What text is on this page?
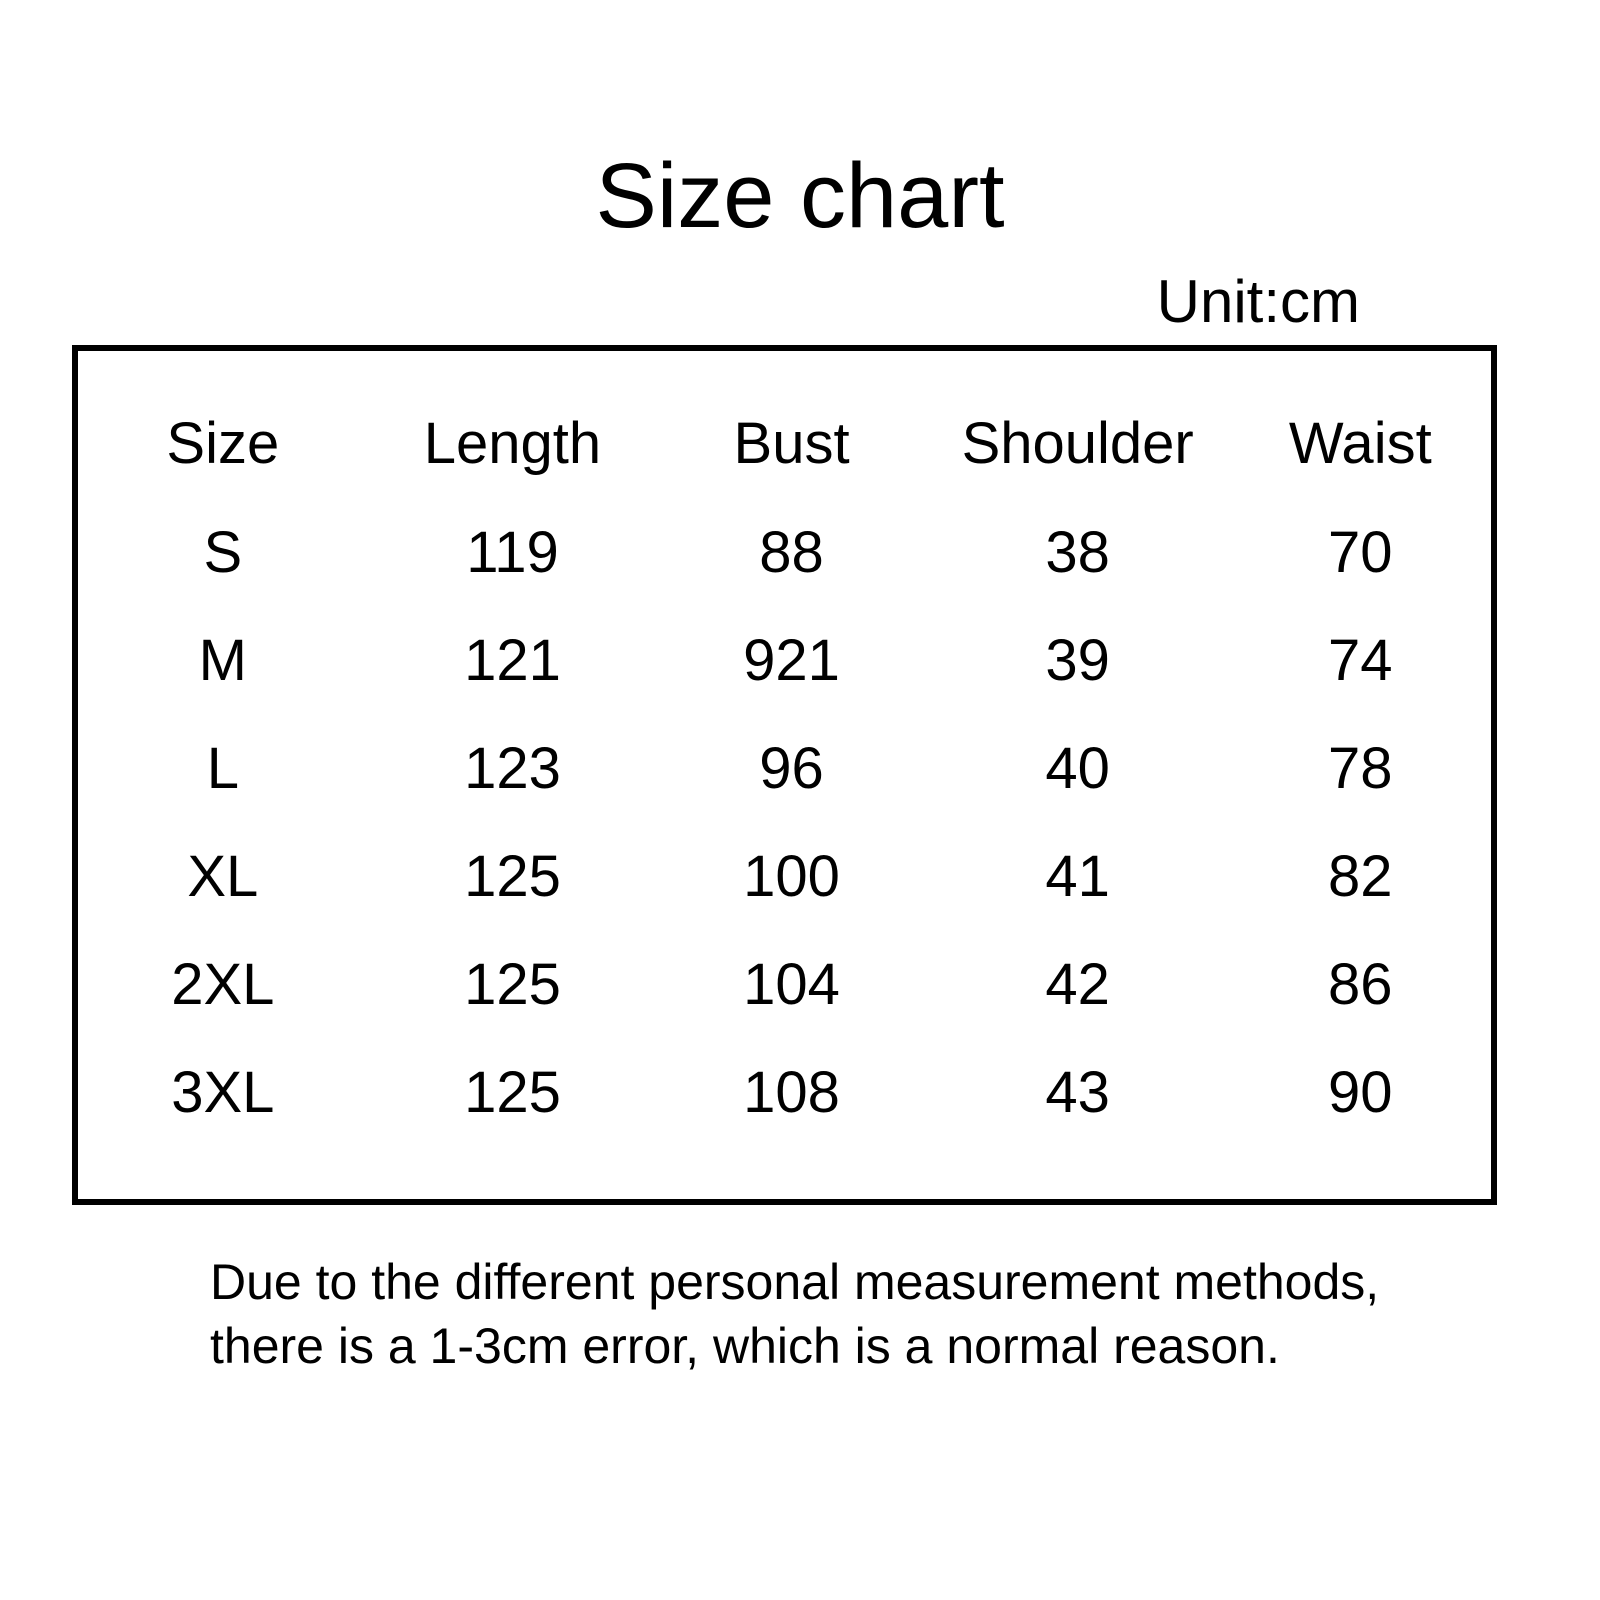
Size chart
Unit:cm
Size	Length	Bust	Shoulder	Waist
S	119	88	38	70
M	121	921	39	74
L	123	96	40	78
XL	125	100	41	82
2XL	125	104	42	86
3XL	125	108	43	90
Due to the different personal measurement methods,
there is a 1-3cm error, which is a normal reason.
